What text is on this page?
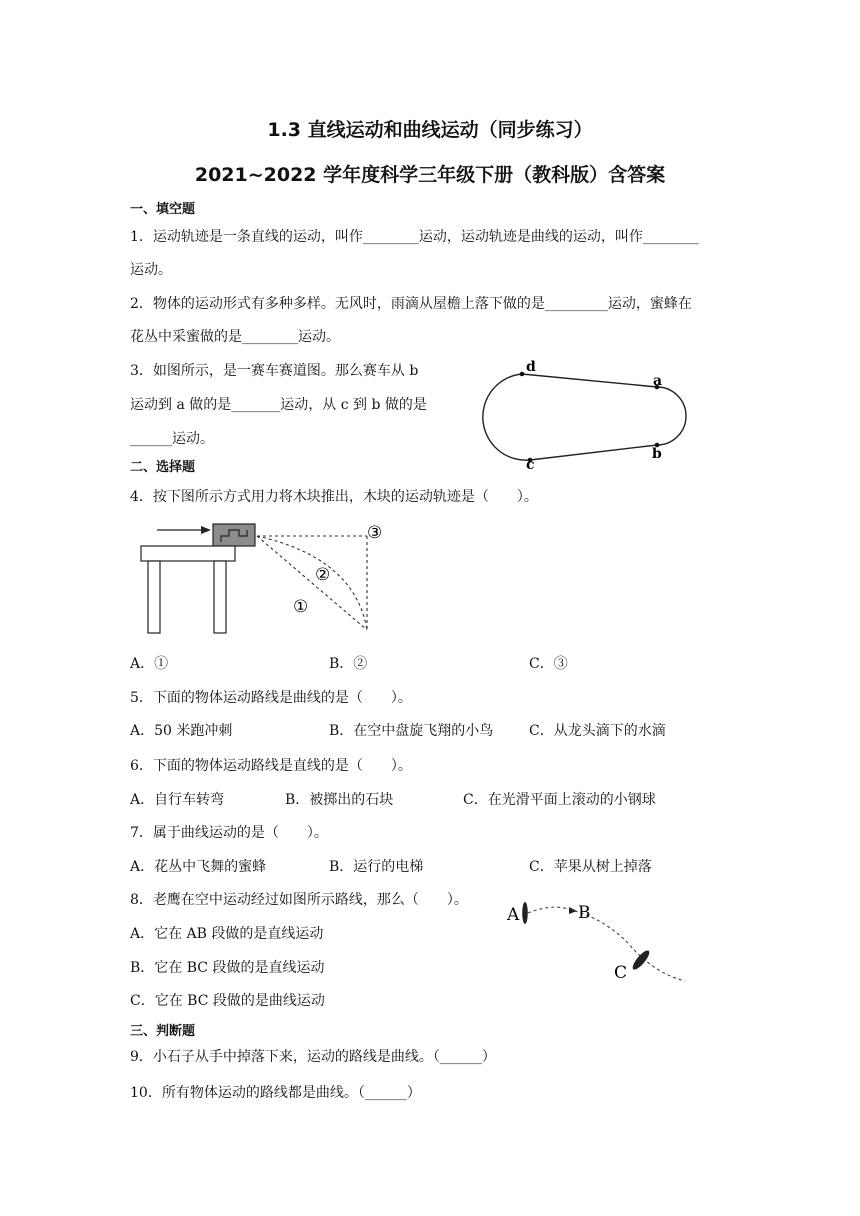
1.3 直线运动和曲线运动（同步练习）
2021~2022 学年度科学三年级下册（教科版）含答案
一、填空题
1．运动轨迹是一条直线的运动，叫作________运动，运动轨迹是曲线的运动，叫作________
运动。
2．物体的运动形式有多种多样。无风时，雨滴从屋檐上落下做的是_________运动，蜜蜂在
花丛中采蜜做的是________运动。
3．如图所示，是一赛车赛道图。那么赛车从 b
运动到 a 做的是_______运动，从 c 到 b 做的是
______运动。
d
a
b
c
二、选择题
4．按下图所示方式用力将木块推出，木块的运动轨迹是（　　）。
③
②
①
A．①	B．②	C．③
5．下面的物体运动路线是曲线的是（　　）。
A．50 米跑冲刺	B．在空中盘旋飞翔的小鸟	C．从龙头滴下的水滴
6．下面的物体运动路线是直线的是（　　）。
A．自行车转弯	B．被掷出的石块	C．在光滑平面上滚动的小钢球
7．属于曲线运动的是（　　）。
A．花丛中飞舞的蜜蜂	B．运行的电梯	C．苹果从树上掉落
8．老鹰在空中运动经过如图所示路线，那么（　　）。
A．它在 AB 段做的是直线运动
B．它在 BC 段做的是直线运动
C．它在 BC 段做的是曲线运动
A	B
C
三、判断题
9．小石子从手中掉落下来，运动的路线是曲线。（______）
10．所有物体运动的路线都是曲线。（______）
